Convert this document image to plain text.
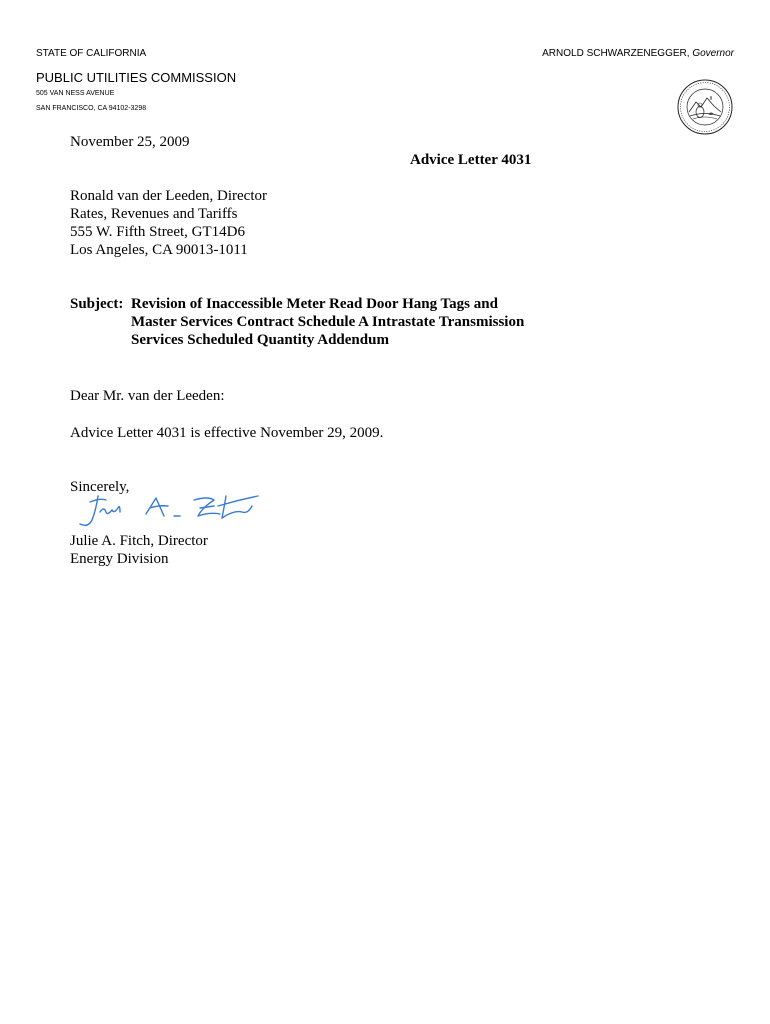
STATE OF CALIFORNIA	ARNOLD SCHWARZENEGGER, Governor
PUBLIC UTILITIES COMMISSION
505 VAN NESS AVENUE
SAN FRANCISCO, CA 94102-3298
November 25, 2009
Advice Letter 4031
Ronald van der Leeden, Director
Rates, Revenues and Tariffs
555 W. Fifth Street, GT14D6
Los Angeles, CA 90013-1011
Subject: Revision of Inaccessible Meter Read Door Hang Tags and
Master Services Contract Schedule A Intrastate Transmission
Services Scheduled Quantity Addendum
Dear Mr. van der Leeden:
Advice Letter 4031 is effective November 29, 2009.
Sincerely,
Julie A. Fitch, Director
Energy Division
